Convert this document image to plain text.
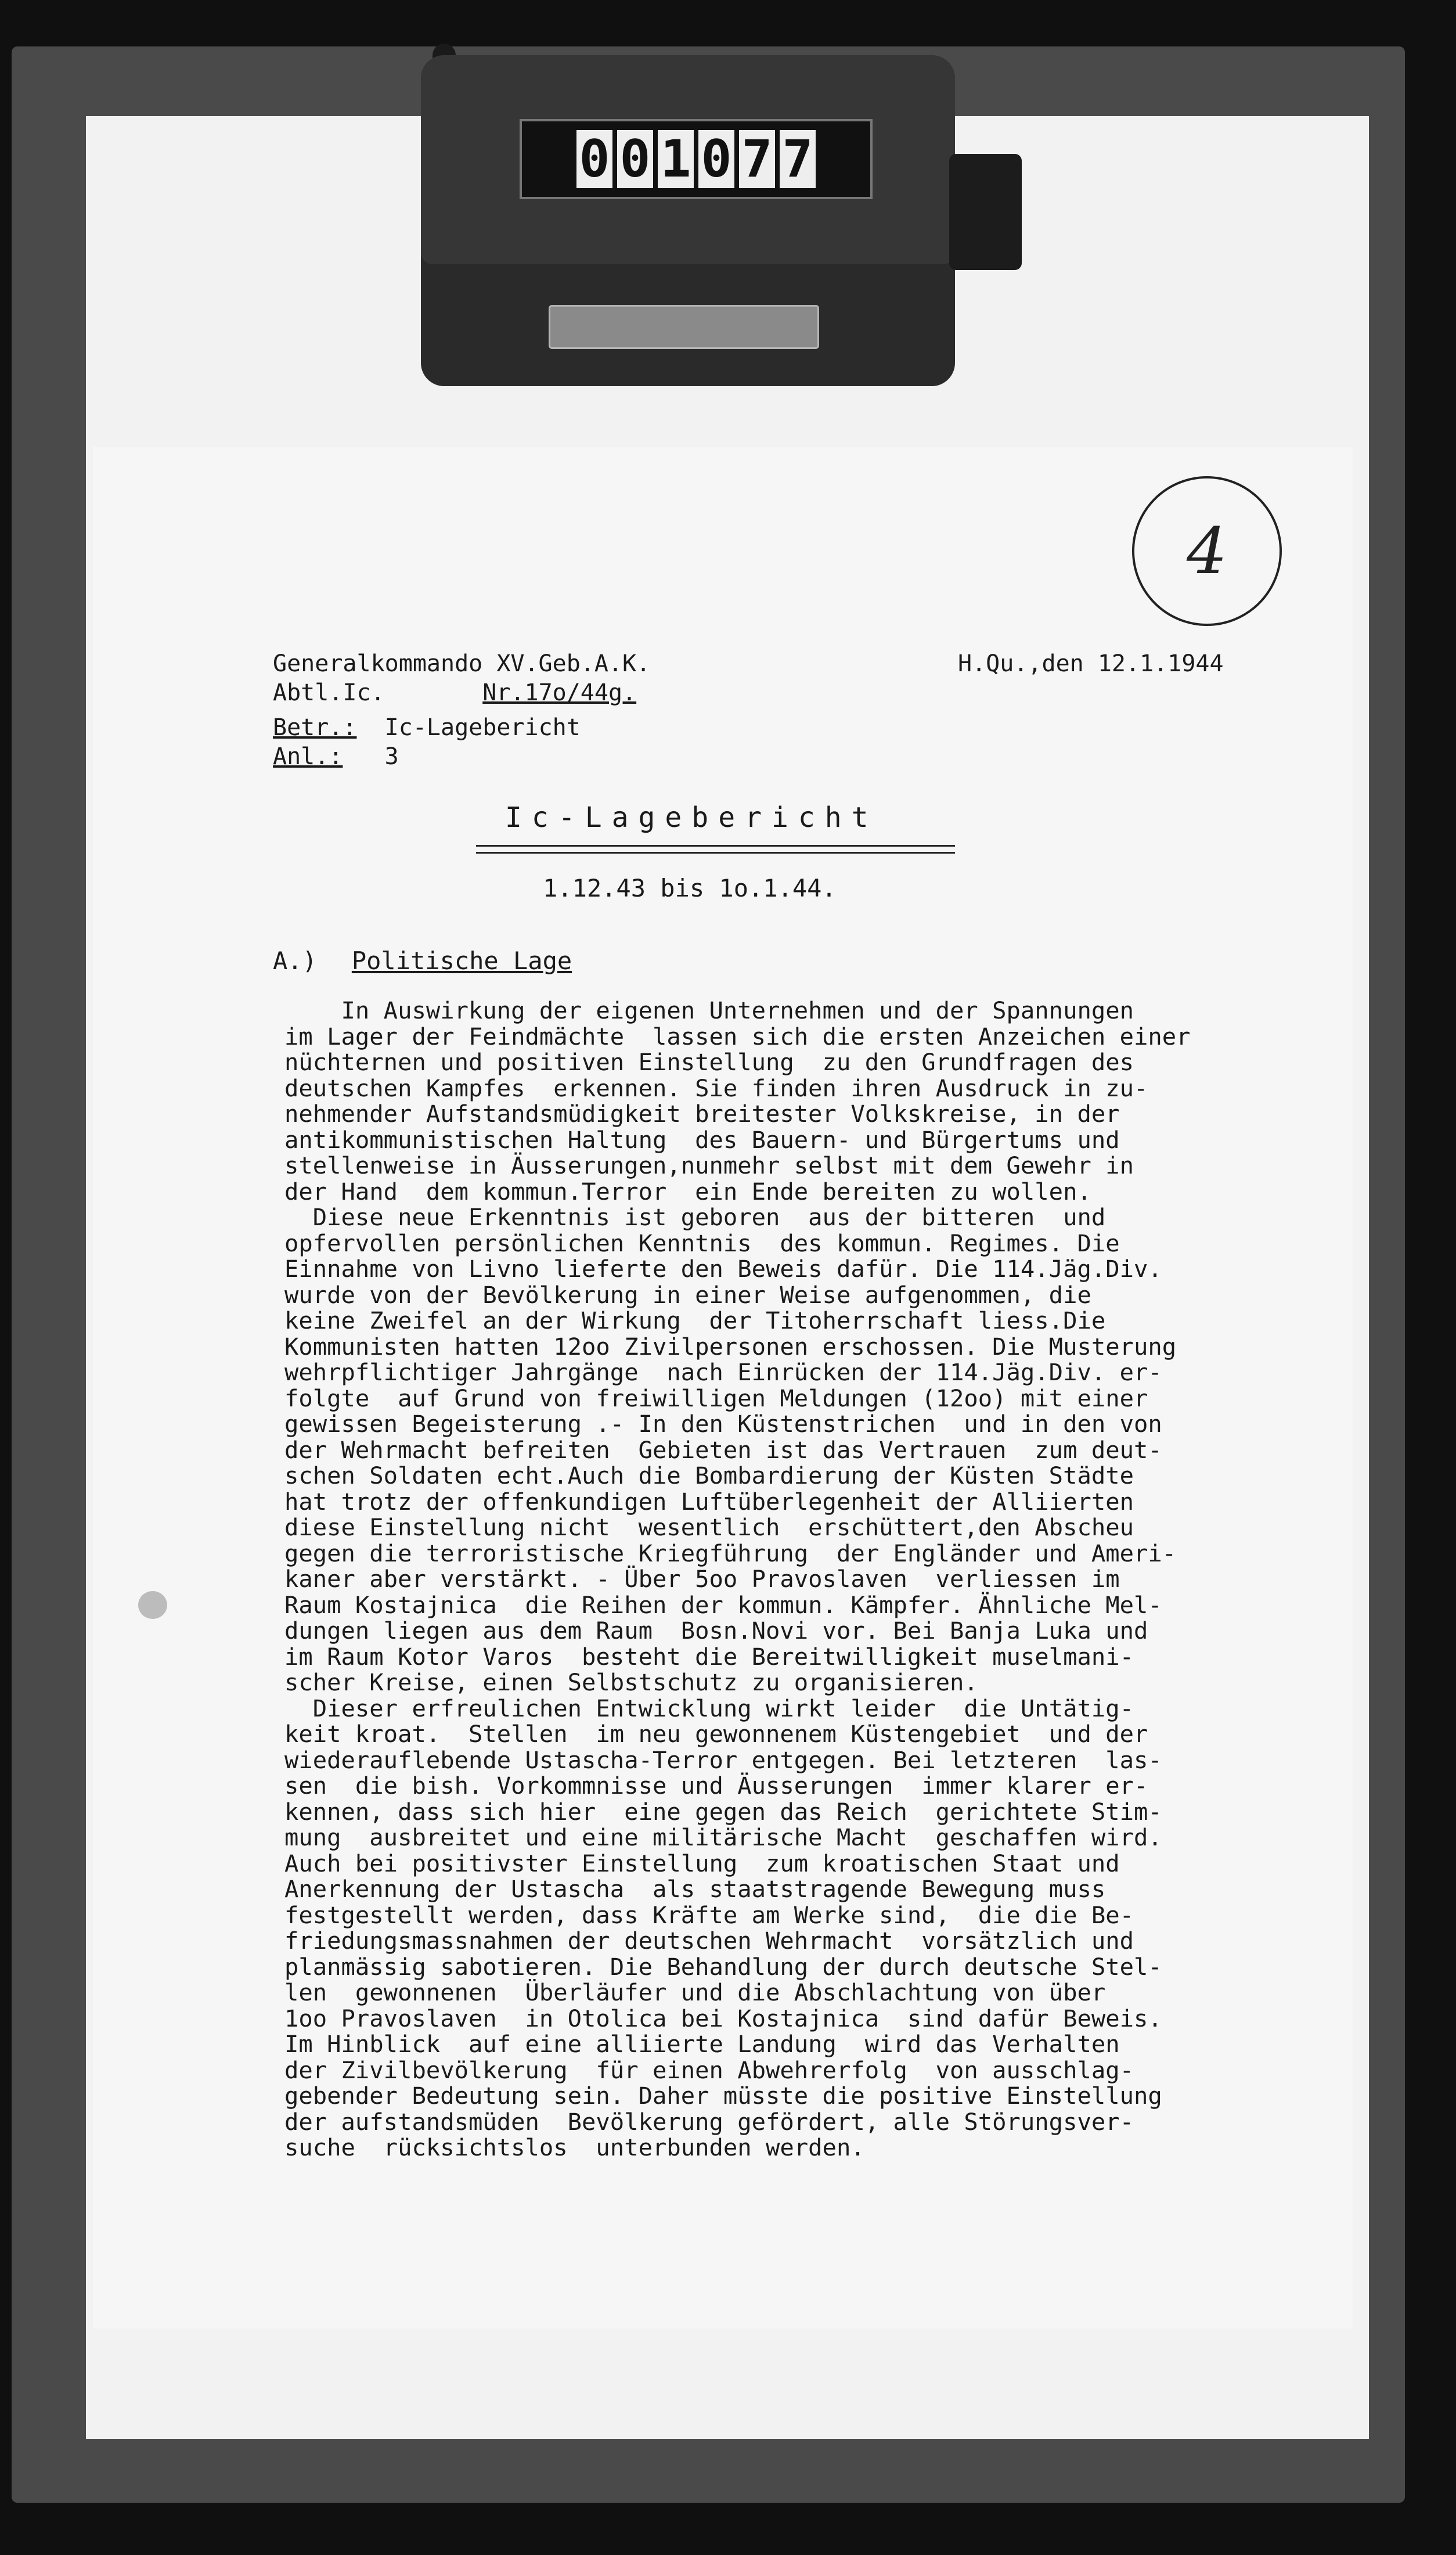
0 0 1 0 7 7
4
Generalkommando XV.Geb.A.K.
Abtl.Ic.	Nr.17o/44g.
H.Qu.,den 12.1.1944
Betr.: Ic-Lagebericht
Anl.: 3
Ic-Lagebericht
1.12.43 bis 1o.1.44.
A.) Politische Lage
In Auswirkung der eigenen Unternehmen und der Spannungen
im Lager der Feindmächte  lassen sich die ersten Anzeichen einer
nüchternen und positiven Einstellung  zu den Grundfragen des
deutschen Kampfes  erkennen. Sie finden ihren Ausdruck in zu-
nehmender Aufstandsmüdigkeit breitester Volkskreise, in der
antikommunistischen Haltung  des Bauern- und Bürgertums und
stellenweise in Äusserungen,nunmehr selbst mit dem Gewehr in
der Hand  dem kommun.Terror  ein Ende bereiten zu wollen.
Diese neue Erkenntnis ist geboren  aus der bitteren  und
opfervollen persönlichen Kenntnis  des kommun. Regimes. Die
Einnahme von Livno lieferte den Beweis dafür. Die 114.Jäg.Div.
wurde von der Bevölkerung in einer Weise aufgenommen, die
keine Zweifel an der Wirkung  der Titoherrschaft liess.Die
Kommunisten hatten 12oo Zivilpersonen erschossen. Die Musterung
wehrpflichtiger Jahrgänge  nach Einrücken der 114.Jäg.Div. er-
folgte  auf Grund von freiwilligen Meldungen (12oo) mit einer
gewissen Begeisterung .- In den Küstenstrichen  und in den von
der Wehrmacht befreiten  Gebieten ist das Vertrauen  zum deut-
schen Soldaten echt.Auch die Bombardierung der Küsten Städte
hat trotz der offenkundigen Luftüberlegenheit der Alliierten
diese Einstellung nicht  wesentlich  erschüttert,den Abscheu
gegen die terroristische Kriegführung  der Engländer und Ameri-
kaner aber verstärkt. - Über 5oo Pravoslaven  verliessen im
Raum Kostajnica  die Reihen der kommun. Kämpfer. Ähnliche Mel-
dungen liegen aus dem Raum  Bosn.Novi vor. Bei Banja Luka und
im Raum Kotor Varos  besteht die Bereitwilligkeit muselmani-
scher Kreise, einen Selbstschutz zu organisieren.
Dieser erfreulichen Entwicklung wirkt leider  die Untätig-
keit kroat.  Stellen  im neu gewonnenem Küstengebiet  und der
wiederauflebende Ustascha-Terror entgegen. Bei letzteren  las-
sen  die bish. Vorkommnisse und Äusserungen  immer klarer er-
kennen, dass sich hier  eine gegen das Reich  gerichtete Stim-
mung  ausbreitet und eine militärische Macht  geschaffen wird.
Auch bei positivster Einstellung  zum kroatischen Staat und
Anerkennung der Ustascha  als staatstragende Bewegung muss
festgestellt werden, dass Kräfte am Werke sind,  die die Be-
friedungsmassnahmen der deutschen Wehrmacht  vorsätzlich und
planmässig sabotieren. Die Behandlung der durch deutsche Stel-
len  gewonnenen  Überläufer und die Abschlachtung von über
1oo Pravoslaven  in Otolica bei Kostajnica  sind dafür Beweis.
Im Hinblick  auf eine alliierte Landung  wird das Verhalten
der Zivilbevölkerung  für einen Abwehrerfolg  von ausschlag-
gebender Bedeutung sein. Daher müsste die positive Einstellung
der aufstandsmüden  Bevölkerung gefördert, alle Störungsver-
suche  rücksichtslos  unterbunden werden.
